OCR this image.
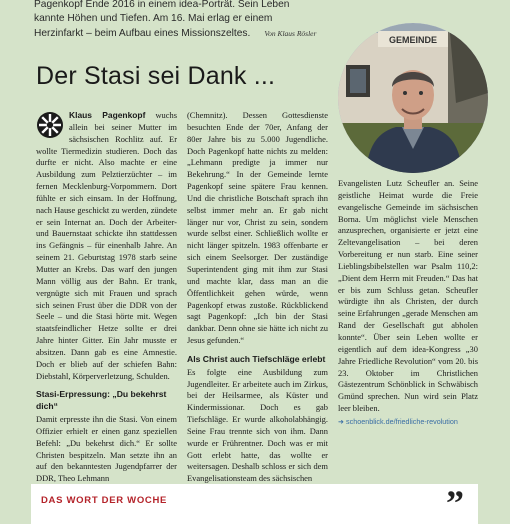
Pagenkopf Ende 2016 in einem idea-Porträt. Sein Leben
kannte Höhen und Tiefen. Am 16. Mai erlag er einem
Herzinfarkt – beim Aufbau eines Missionszeltes. Von Klaus Rösler
Der Stasi sei Dank ...
GEMEINDE

Klaus Pagenkopf wuchs allein bei seiner Mutter im sächsischen Rochlitz auf. Er wollte Tiermedizin studieren. Doch das durfte er nicht. Also machte er eine Ausbildung zum Pelztierzüchter – im fernen Mecklenburg-Vorpommern. Dort fühlte er sich einsam. In der Hoffnung, nach Hause geschickt zu werden, zündete er sein Internat an. Doch der Arbeiter- und Bauernstaat schickte ihn stattdessen ins Gefängnis – für einenhalb Jahre. An seinem 21. Geburtstag 1978 starb seine Mutter an Krebs. Das warf den jungen Mann völlig aus der Bahn. Er trank, vergnügte sich mit Frauen und sprach sich seinen Frust über die DDR von der Seele – und die Stasi hörte mit. Wegen staatsfeindlicher Hetze sollte er drei Jahre hinter Gitter. Ein Jahr musste er absitzen. Dann gab es eine Amnestie. Doch er blieb auf der schiefen Bahn: Diebstahl, Körperverletzung, Schulden.

Stasi-Erpressung: „Du bekehrst dich“

Damit erpresste ihn die Stasi. Von einem Offizier erhielt er einen ganz speziellen Befehl: „Du bekehrst dich.“ Er sollte Christen bespitzeln. Man setzte ihn an auf den bekanntesten Jugendpfarrer der DDR, Theo Lehmann

(Chemnitz). Dessen Gottesdienste besuchten Ende der 70er, Anfang der 80er Jahre bis zu 5.000 Jugendliche. Doch Pagenkopf hatte nichts zu melden: „Lehmann predigte ja immer nur Bekehrung.“ In der Gemeinde lernte Pagenkopf seine spätere Frau kennen. Und die christliche Botschaft sprach ihn selbst immer mehr an. Er gab nicht länger nur vor, Christ zu sein, sondern wurde selbst einer. Schließlich wollte er nicht länger spitzeln. 1983 offenbarte er sich einem Seelsorger. Der zuständige Superintendent ging mit ihm zur Stasi und machte klar, dass man an die Öffentlichkeit gehen würde, wenn Pagenkopf etwas zustoße. Rückblickend sagt Pagenkopf: „Ich bin der Stasi dankbar. Denn ohne sie hätte ich nicht zu Jesus gefunden.“

Als Christ auch Tiefschläge erlebt

Es folgte eine Ausbildung zum Jugendleiter. Er arbeitete auch im Zirkus, bei der Heilsarmee, als Küster und Kindermissionar. Doch es gab Tiefschläge. Er wurde alkoholabhängig. Seine Frau trennte sich von ihm. Dann wurde er Frührentner. Doch was er mit Gott erlebt hatte, das wollte er weitersagen. Deshalb schloss er sich dem Evangelisationsteam des sächsischen

Evangelisten Lutz Scheufler an. Seine geistliche Heimat wurde die Freie evangelische Gemeinde im sächsischen Borna. Um möglichst viele Menschen anzusprechen, organisierte er jetzt eine Zeltevangelisation – bei deren Vorbereitung er nun starb. Eine seiner Lieblingsbibelstellen war Psalm 110,2: „Dient dem Herrn mit Freuden.“ Das hat er bis zum Schluss getan. Scheufler würdigte ihn als Christen, der durch seine Erfahrungen „gerade Menschen am Rand der Gesellschaft gut abholen konnte“. Über sein Leben wollte er eigentlich auf dem idea-Kongress „30 Jahre Friedliche Revolution“ vom 20. bis 23. Oktober im Christlichen Gästezentrum Schönblick in Schwäbisch Gmünd sprechen. Nun wird sein Platz leer bleiben.

➜ schoenblick.de/friedliche-revolution

DAS WORT DER WOCHE	”
